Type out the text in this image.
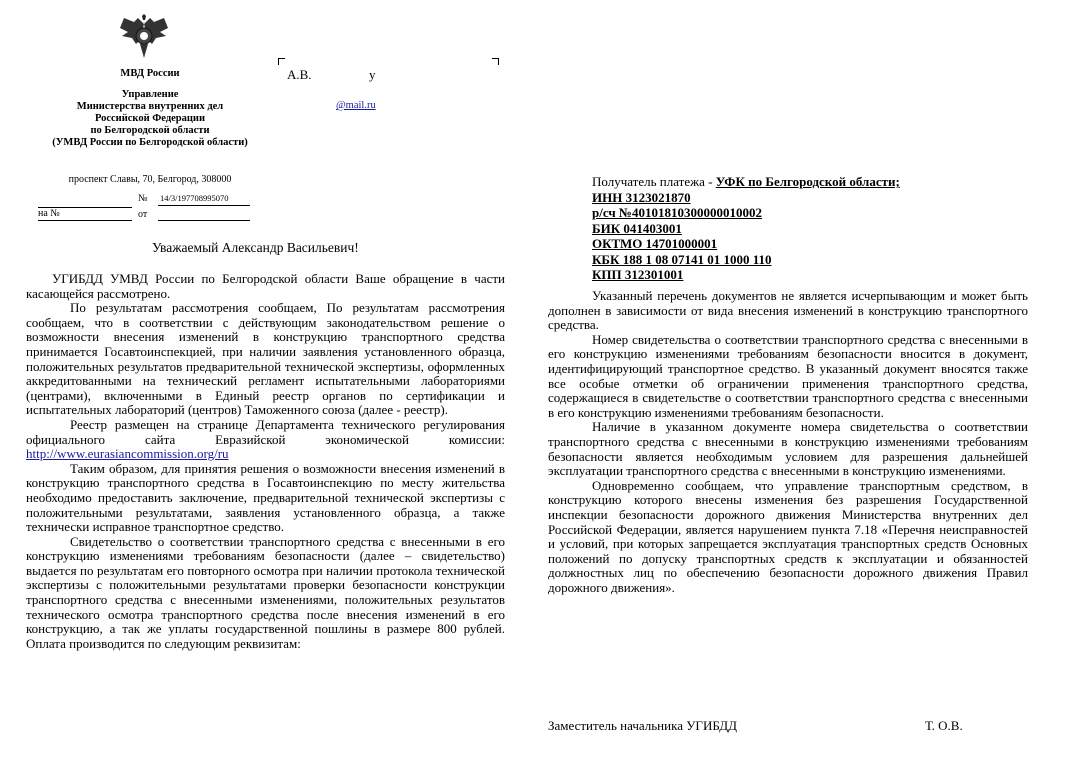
МВД России
Управление
Министерства внутренних дел
Российской Федерации
по Белгородской области
(УМВД России по Белгородской области)
проспект Славы, 70, Белгород, 308000
№ 14/3/197708995070
на №	от
А.В.	у
@mail.ru
Уважаемый Александр Васильевич!
УГИБДД УМВД России по Белгородской области Ваше обращение в части касающейся рассмотрено.
По результатам рассмотрения сообщаем, По результатам рассмотрения сообщаем, что в соответствии с действующим законодательством решение о возможности внесения изменений в конструкцию транспортного средства принимается Госавтоинспекцией, при наличии заявления установленного образца, положительных результатов предварительной технической экспертизы, оформленных аккредитованными на технический регламент испытательными лабораториями (центрами), включенными в Единый реестр органов по сертификации и испытательных лабораторий (центров) Таможенного союза (далее - реестр).
Реестр размещен на странице Департамента технического регулирования официального сайта Евразийской экономической комиссии: http://www.eurasiancommission.org/ru
Таким образом, для принятия решения о возможности внесения изменений в конструкцию транспортного средства в Госавтоинспекцию по месту жительства необходимо предоставить заключение, предварительной технической экспертизы с положительными результатами, заявления установленного образца, а также технически исправное транспортное средство.
Свидетельство о соответствии транспортного средства с внесенными в его конструкцию изменениями требованиям безопасности (далее – свидетельство) выдается по результатам его повторного осмотра при наличии протокола технической экспертизы с положительными результатами проверки безопасности конструкции транспортного средства с внесенными изменениями, положительных результатов технического осмотра транспортного средства после внесения изменений в его конструкцию, а так же уплаты государственной пошлины в размере 800 рублей. Оплата производится по следующим реквизитам:
Получатель платежа - УФК по Белгородской области;
ИНН 3123021870
р/сч №40101810300000010002
БИК 041403001
ОКТМО 14701000001
КБК 188 1 08 07141 01 1000 110
КПП 312301001
Указанный перечень документов не является исчерпывающим и может быть дополнен в зависимости от вида внесения изменений в конструкцию транспортного средства.
Номер свидетельства о соответствии транспортного средства с внесенными в его конструкцию изменениями требованиям безопасности вносится в документ, идентифицирующий транспортное средство. В указанный документ вносятся также все особые отметки об ограничении применения транспортного средства, содержащиеся в свидетельстве о соответствии транспортного средства с внесенными в его конструкцию изменениями требованиям безопасности.
Наличие в указанном документе номера свидетельства о соответствии транспортного средства с внесенными в конструкцию изменениями требованиям безопасности является необходимым условием для разрешения дальнейшей эксплуатации транспортного средства с внесенными в конструкцию изменениями.
Одновременно сообщаем, что управление транспортным средством, в конструкцию которого внесены изменения без разрешения Государственной инспекции безопасности дорожного движения Министерства внутренних дел Российской Федерации, является нарушением пункта 7.18 «Перечня неисправностей и условий, при которых запрещается эксплуатация транспортных средств Основных положений по допуску транспортных средств к эксплуатации и обязанностей должностных лиц по обеспечению безопасности дорожного движения Правил дорожного движения».
Заместитель начальника УГИБДД	Т. О.В.
